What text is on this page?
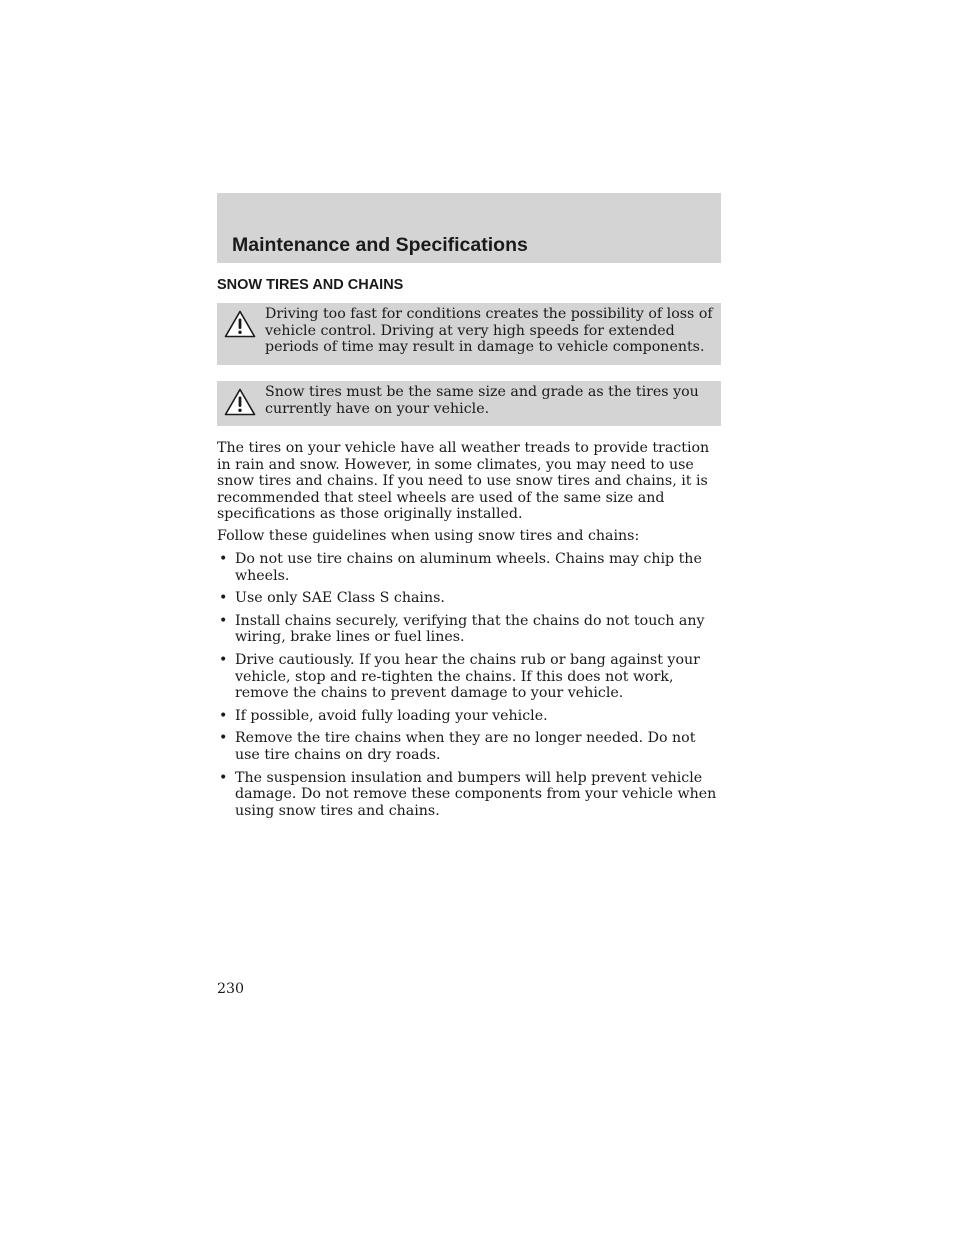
Maintenance and Specifications
SNOW TIRES AND CHAINS

Driving too fast for conditions creates the possibility of loss of vehicle control. Driving at very high speeds for extended periods of time may result in damage to vehicle components.

Snow tires must be the same size and grade as the tires you currently have on your vehicle.

The tires on your vehicle have all weather treads to provide traction in rain and snow. However, in some climates, you may need to use snow tires and chains. If you need to use snow tires and chains, it is recommended that steel wheels are used of the same size and specifications as those originally installed.

Follow these guidelines when using snow tires and chains:

• Do not use tire chains on aluminum wheels. Chains may chip the wheels.
• Use only SAE Class S chains.
• Install chains securely, verifying that the chains do not touch any wiring, brake lines or fuel lines.
• Drive cautiously. If you hear the chains rub or bang against your vehicle, stop and re-tighten the chains. If this does not work, remove the chains to prevent damage to your vehicle.
• If possible, avoid fully loading your vehicle.
• Remove the tire chains when they are no longer needed. Do not use tire chains on dry roads.
• The suspension insulation and bumpers will help prevent vehicle damage. Do not remove these components from your vehicle when using snow tires and chains.

230
